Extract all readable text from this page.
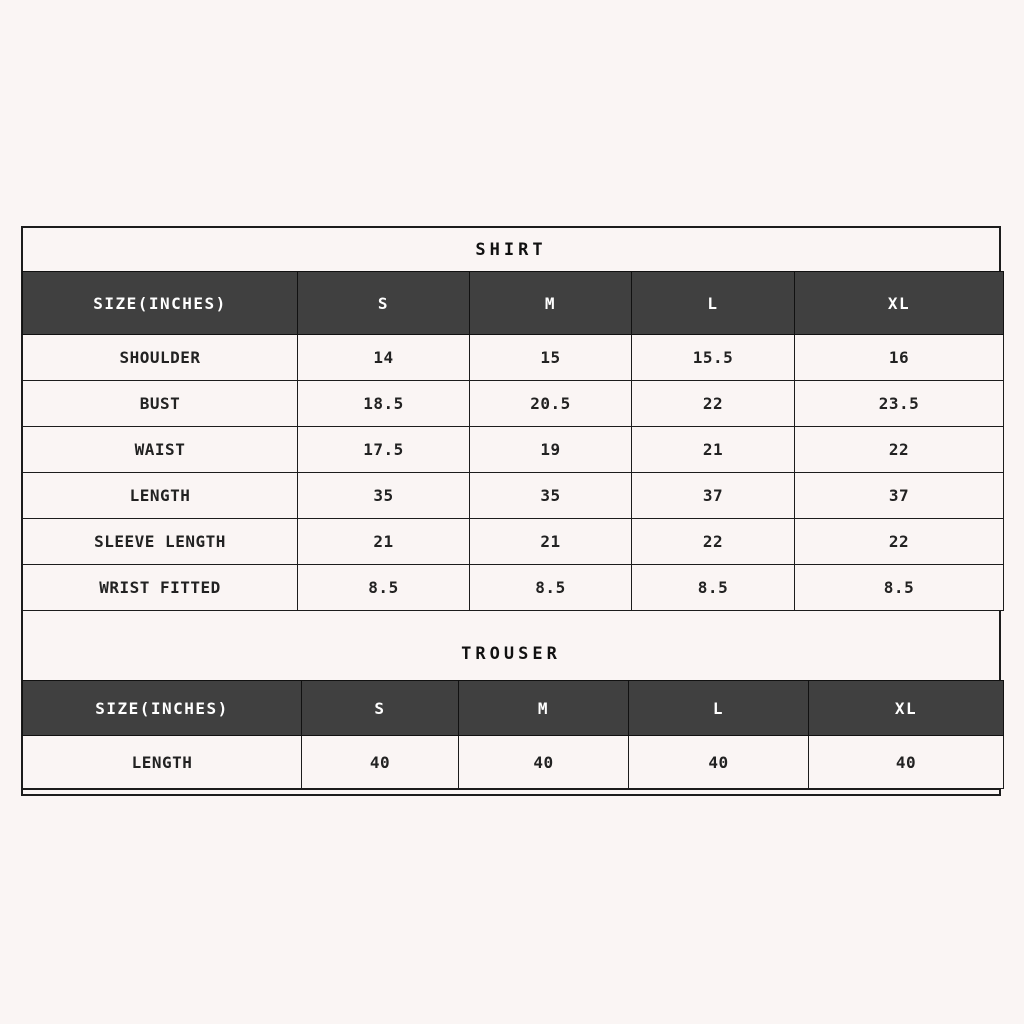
SHIRT
SIZE(INCHES)	S	M	L	XL
SHOULDER	14	15	15.5	16
BUST	18.5	20.5	22	23.5
WAIST	17.5	19	21	22
LENGTH	35	35	37	37
SLEEVE LENGTH	21	21	22	22
WRIST FITTED	8.5	8.5	8.5	8.5
TROUSER
SIZE(INCHES)	S	M	L	XL
LENGTH	40	40	40	40
